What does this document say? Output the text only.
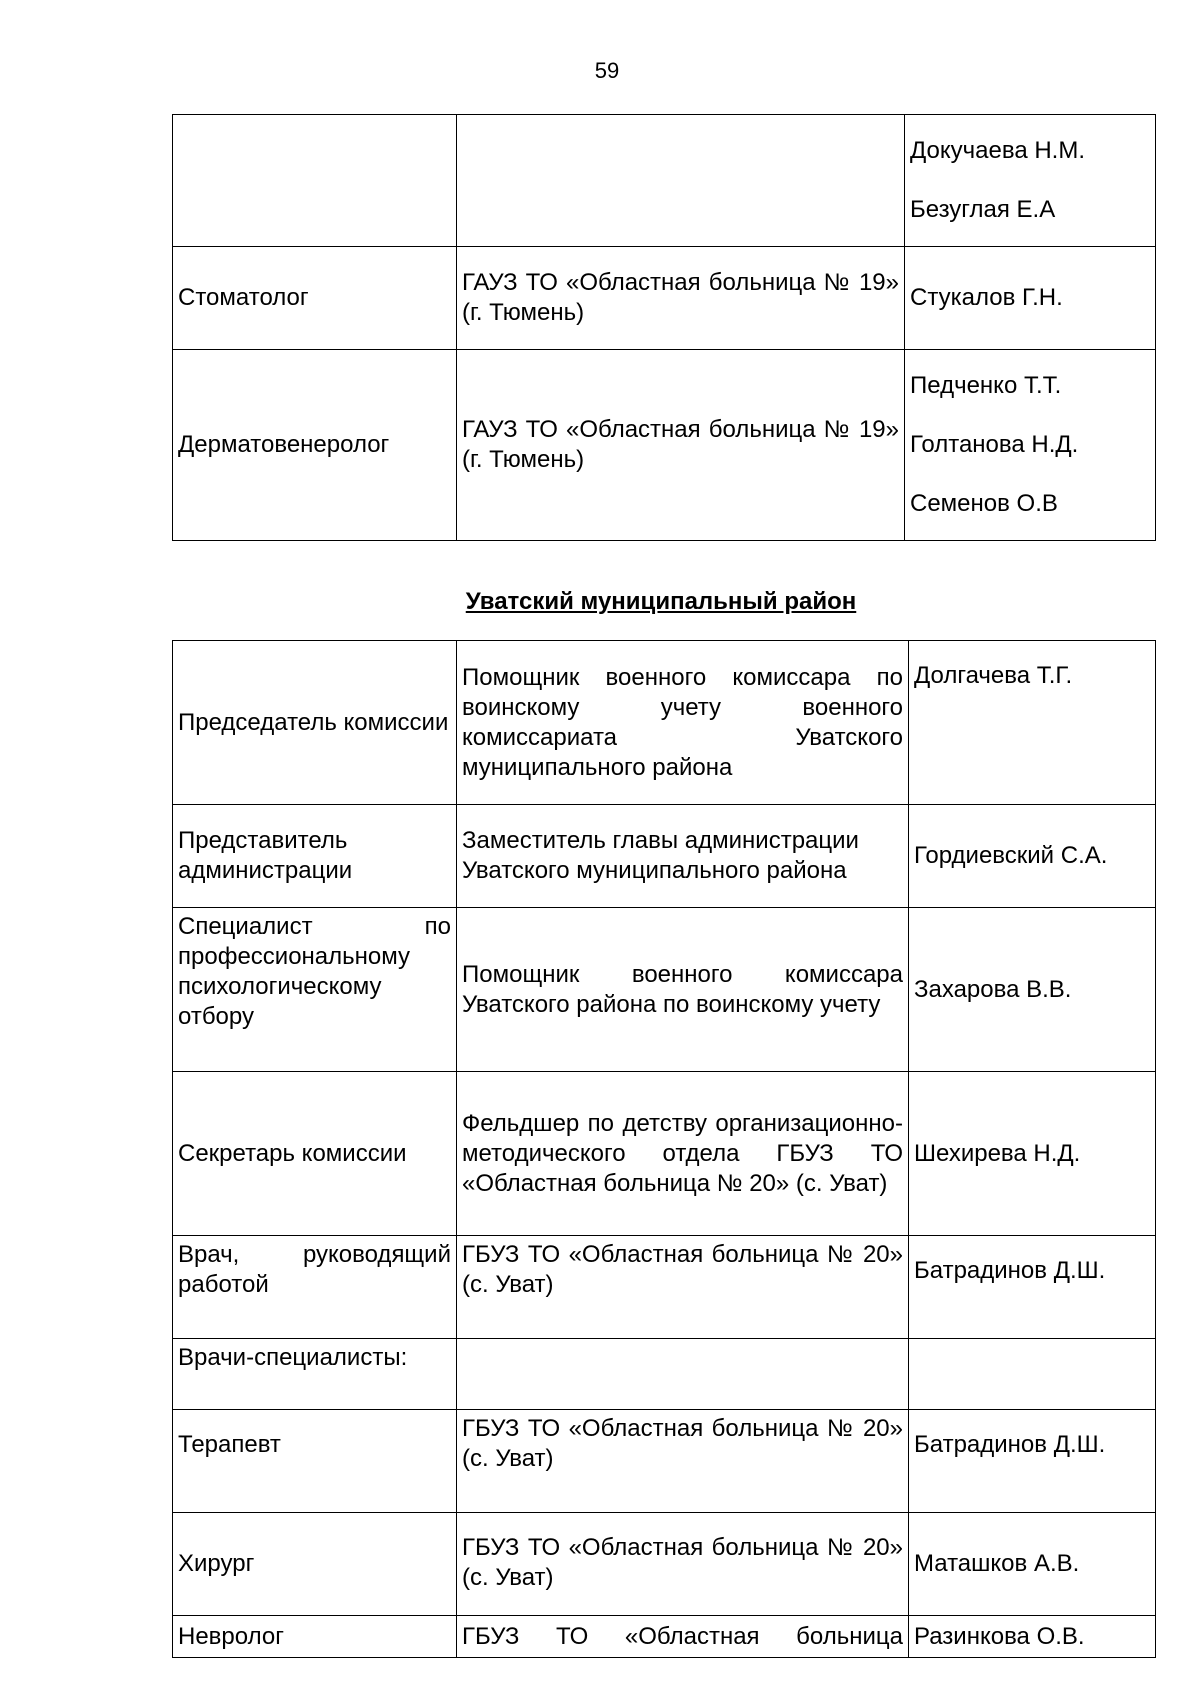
59

		Докучаева Н.М.

Безуглая Е.А

Стоматолог	ГАУЗ ТО «Областная больница № 19» (г. Тюмень)	Стукалов Г.Н.
Дерматовенеролог	ГАУЗ ТО «Областная больница № 19» (г. Тюмень)	Педченко Т.Т.

Голтанова Н.Д.

Семенов О.В

Уватский муниципальный район
Председатель комиссии	Помощник военного комиссара по воинскому учету военного комиссариата Уватского муниципального района	Долгачева Т.Г.
Представитель администрации	Заместитель главы администрации Уватского муниципального района	Гордиевский С.А.
Специалист по профессиональному психологическому отбору	Помощник военного комиссара Уватского района по воинскому учету	Захарова В.В.
Секретарь комиссии	Фельдшер по детству организационно-методического отдела ГБУЗ ТО «Областная больница № 20» (с. Уват)	Шехирева Н.Д.
Врач, руководящий работой	ГБУЗ ТО «Областная больница № 20» (с. Уват)	Батрадинов Д.Ш.
Врачи-специалисты:		
Терапевт	ГБУЗ ТО «Областная больница № 20» (с. Уват)	Батрадинов Д.Ш.
Хирург	ГБУЗ ТО «Областная больница № 20» (с. Уват)	Маташков А.В.
Невролог	ГБУЗ ТО «Областная больница	Разинкова О.В.
